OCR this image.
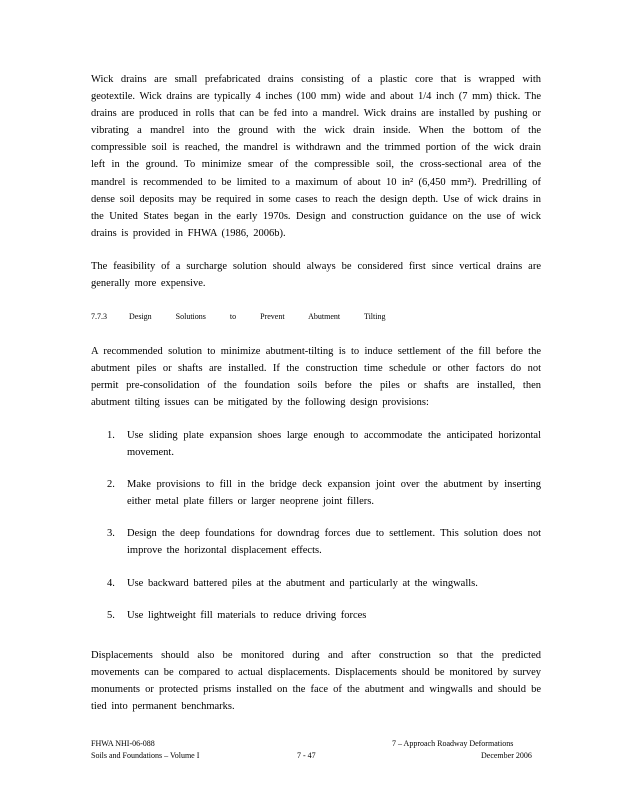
Wick drains are small prefabricated drains consisting of a plastic core that is wrapped with geotextile. Wick drains are typically 4 inches (100 mm) wide and about 1/4 inch (7 mm) thick. The drains are produced in rolls that can be fed into a mandrel. Wick drains are installed by pushing or vibrating a mandrel into the ground with the wick drain inside. When the bottom of the compressible soil is reached, the mandrel is withdrawn and the trimmed portion of the wick drain left in the ground. To minimize smear of the compressible soil, the cross-sectional area of the mandrel is recommended to be limited to a maximum of about 10 in² (6,450 mm²). Predrilling of dense soil deposits may be required in some cases to reach the design depth. Use of wick drains in the United States began in the early 1970s. Design and construction guidance on the use of wick drains is provided in FHWA (1986, 2006b).

The feasibility of a surcharge solution should always be considered first since vertical drains are generally more expensive.

7.7.3	Design Solutions to Prevent Abutment Tilting

A recommended solution to minimize abutment-tilting is to induce settlement of the fill before the abutment piles or shafts are installed. If the construction time schedule or other factors do not permit pre-consolidation of the foundation soils before the piles or shafts are installed, then abutment tilting issues can be mitigated by the following design provisions:

1. Use sliding plate expansion shoes large enough to accommodate the anticipated horizontal movement.
2. Make provisions to fill in the bridge deck expansion joint over the abutment by inserting either metal plate fillers or larger neoprene joint fillers.
3. Design the deep foundations for downdrag forces due to settlement. This solution does not improve the horizontal displacement effects.
4. Use backward battered piles at the abutment and particularly at the wingwalls.
5. Use lightweight fill materials to reduce driving forces

Displacements should also be monitored during and after construction so that the predicted movements can be compared to actual displacements. Displacements should be monitored by survey monuments or protected prisms installed on the face of the abutment and wingwalls and should be tied into permanent benchmarks.

FHWA NHI-06-088
Soils and Foundations – Volume I	7 - 47
7 – Approach Roadway Deformations
December 2006
